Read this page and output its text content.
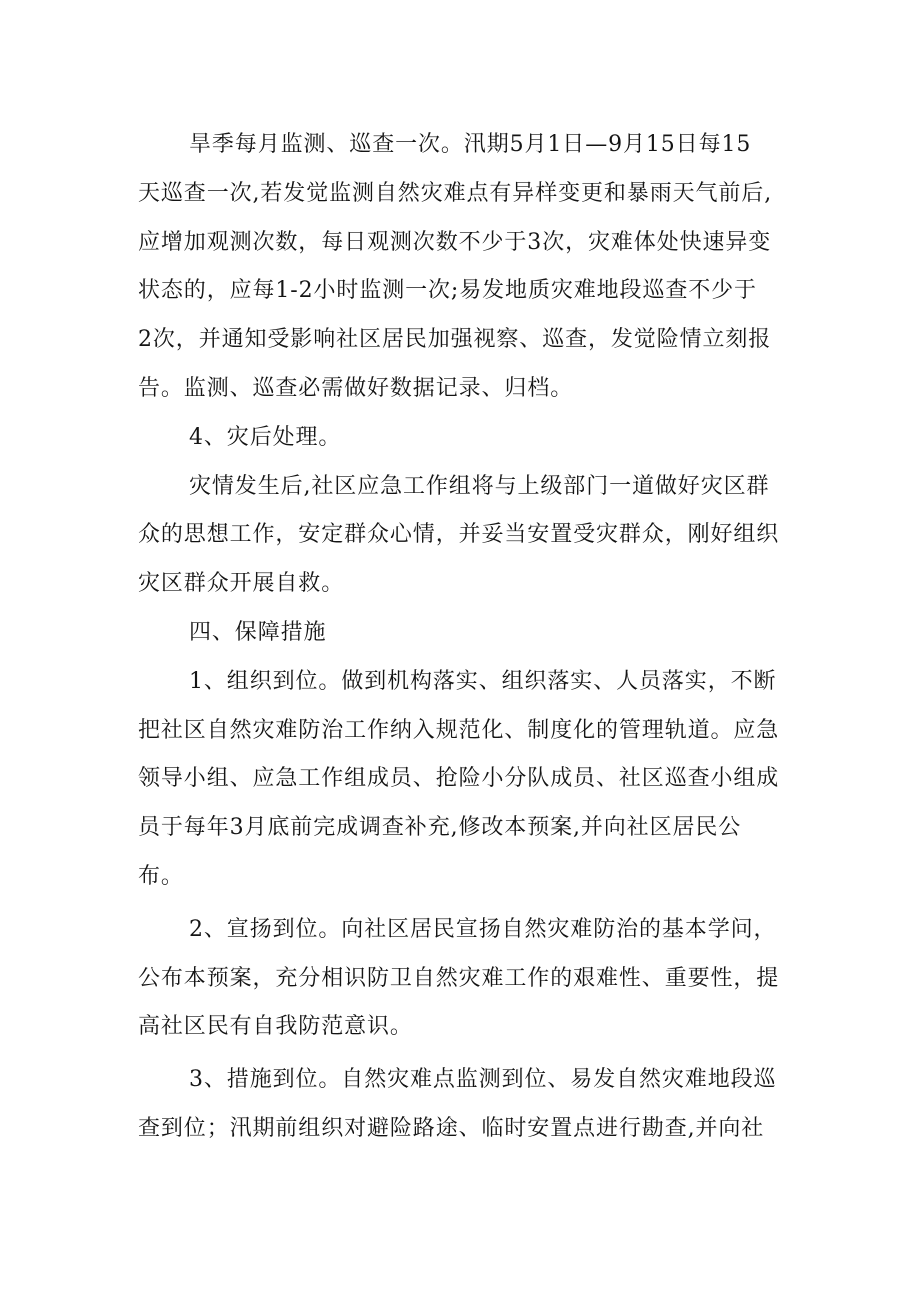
旱季每月监测、巡查一次。汛期5月1日—9月15日每15
天巡查一次,若发觉监测自然灾难点有异样变更和暴雨天气前后,
应增加观测次数，每日观测次数不少于3次，灾难体处快速异变
状态的，应每1-2小时监测一次;易发地质灾难地段巡查不少于
2次，并通知受影响社区居民加强视察、巡查，发觉险情立刻报
告。监测、巡查必需做好数据记录、归档。
4、灾后处理。
灾情发生后,社区应急工作组将与上级部门一道做好灾区群
众的思想工作，安定群众心情，并妥当安置受灾群众，刚好组织
灾区群众开展自救。
四、保障措施
1、组织到位。做到机构落实、组织落实、人员落实，不断
把社区自然灾难防治工作纳入规范化、制度化的管理轨道。应急
领导小组、应急工作组成员、抢险小分队成员、社区巡查小组成
员于每年3月底前完成调查补充,修改本预案,并向社区居民公
布。
2、宣扬到位。向社区居民宣扬自然灾难防治的基本学问，
公布本预案，充分相识防卫自然灾难工作的艰难性、重要性，提
高社区民有自我防范意识。
3、措施到位。自然灾难点监测到位、易发自然灾难地段巡
查到位；汛期前组织对避险路途、临时安置点进行勘查,并向社
